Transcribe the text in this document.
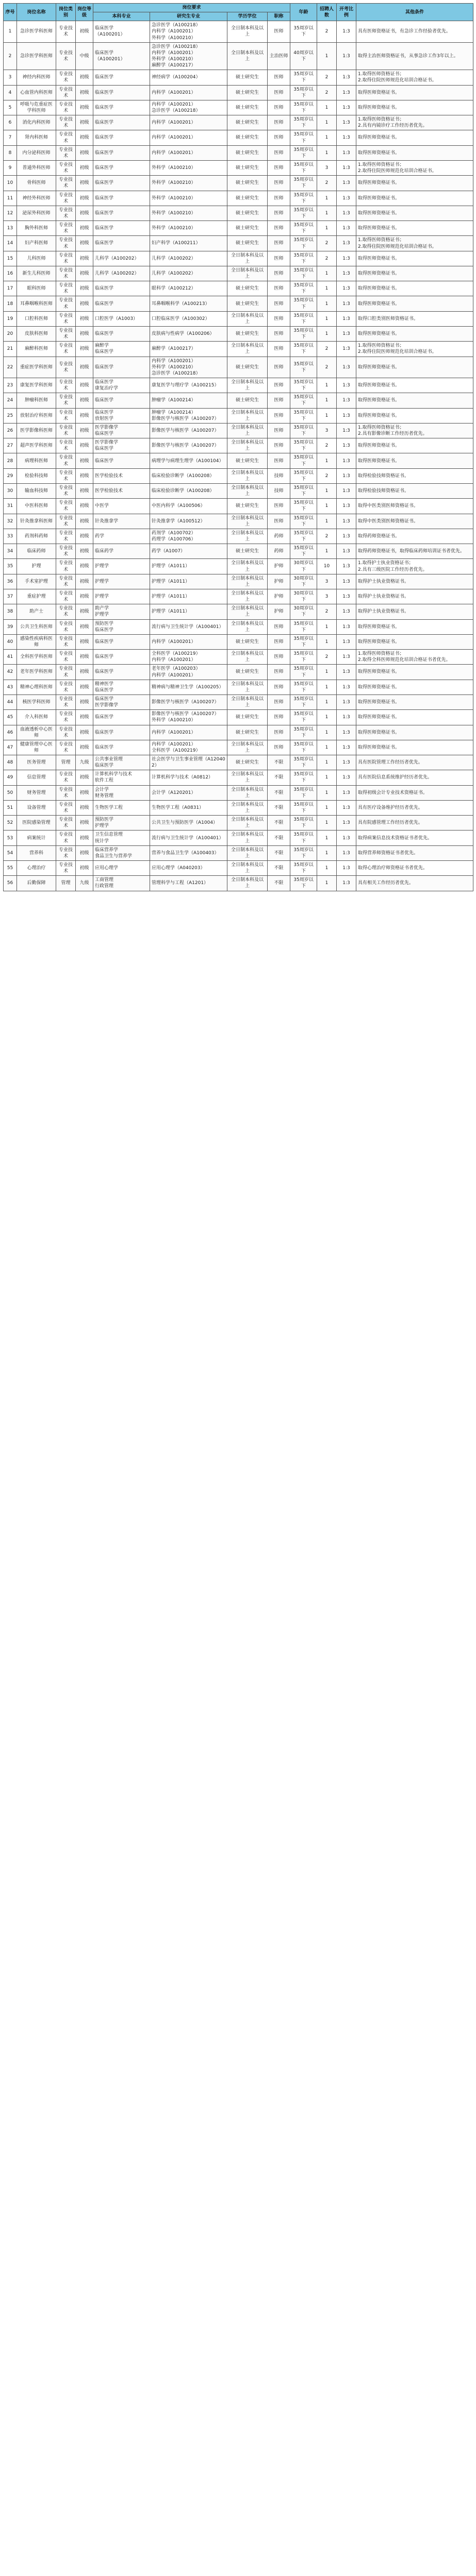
序号	岗位名称	岗位类别	岗位等级	岗位要求				年龄	招聘人数	开考比例	其他条件
				本科专业	研究生专业	学历学位	职称				
1	急诊医学科医师	专业技术	初级	临床医学
（A100201）	急诊医学（A100218）
内科学（A100201）
外科学（A100210）	全日制本科及以上	医师	35周岁以下	2	1:3	具有医师资格证书，有急诊工作经验者优先。
2	急诊医学科医师	专业技术	中级	临床医学
（A100201）	急诊医学（A100218）
内科学（A100201）
外科学（A100210）
麻醉学（A100217）	全日制本科及以上	主治医师	40周岁以下	1	1:3	取得主治医师资格证书，从事急诊工作3年以上。
3	神经内科医师	专业技术	初级	临床医学	神经病学（A100204）	硕士研究生	医师	35周岁以下	2	1:3	1.取得医师资格证书；
2.取得住院医师规范化培训合格证书。
4	心血管内科医师	专业技术	初级	临床医学	内科学（A100201）	硕士研究生	医师	35周岁以下	2	1:3	取得医师资格证书。
5	呼吸与危重症医学科医师	专业技术	初级	临床医学	内科学（A100201）
急诊医学（A100218）	硕士研究生	医师	35周岁以下	1	1:3	取得医师资格证书。
6	消化内科医师	专业技术	初级	临床医学	内科学（A100201）	硕士研究生	医师	35周岁以下	1	1:3	1.取得医师资格证书；
2.具有内镜诊疗工作经历者优先。
7	肾内科医师	专业技术	初级	临床医学	内科学（A100201）	硕士研究生	医师	35周岁以下	1	1:3	取得医师资格证书。
8	内分泌科医师	专业技术	初级	临床医学	内科学（A100201）	硕士研究生	医师	35周岁以下	1	1:3	取得医师资格证书。
9	普通外科医师	专业技术	初级	临床医学	外科学（A100210）	硕士研究生	医师	35周岁以下	3	1:3	1.取得医师资格证书；
2.取得住院医师规范化培训合格证书。
10	骨科医师	专业技术	初级	临床医学	外科学（A100210）	硕士研究生	医师	35周岁以下	2	1:3	取得医师资格证书。
11	神经外科医师	专业技术	初级	临床医学	外科学（A100210）	硕士研究生	医师	35周岁以下	1	1:3	取得医师资格证书。
12	泌尿外科医师	专业技术	初级	临床医学	外科学（A100210）	硕士研究生	医师	35周岁以下	1	1:3	取得医师资格证书。
13	胸外科医师	专业技术	初级	临床医学	外科学（A100210）	硕士研究生	医师	35周岁以下	1	1:3	取得医师资格证书。
14	妇产科医师	专业技术	初级	临床医学	妇产科学（A100211）	硕士研究生	医师	35周岁以下	2	1:3	1.取得医师资格证书；
2.取得住院医师规范化培训合格证书。
15	儿科医师	专业技术	初级	儿科学（A100202）	儿科学（A100202）	全日制本科及以上	医师	35周岁以下	2	1:3	取得医师资格证书。
16	新生儿科医师	专业技术	初级	儿科学（A100202）	儿科学（A100202）	全日制本科及以上	医师	35周岁以下	1	1:3	取得医师资格证书。
17	眼科医师	专业技术	初级	临床医学	眼科学（A100212）	硕士研究生	医师	35周岁以下	1	1:3	取得医师资格证书。
18	耳鼻咽喉科医师	专业技术	初级	临床医学	耳鼻咽喉科学（A100213）	硕士研究生	医师	35周岁以下	1	1:3	取得医师资格证书。
19	口腔科医师	专业技术	初级	口腔医学（A1003）	口腔临床医学（A100302）	全日制本科及以上	医师	35周岁以下	1	1:3	取得口腔类别医师资格证书。
20	皮肤科医师	专业技术	初级	临床医学	皮肤病与性病学（A100206）	硕士研究生	医师	35周岁以下	1	1:3	取得医师资格证书。
21	麻醉科医师	专业技术	初级	麻醉学
临床医学	麻醉学（A100217）	全日制本科及以上	医师	35周岁以下	2	1:3	1.取得医师资格证书；
2.取得住院医师规范化培训合格证书。
22	重症医学科医师	专业技术	初级	临床医学	内科学（A100201）
外科学（A100210）
急诊医学（A100218）	硕士研究生	医师	35周岁以下	2	1:3	取得医师资格证书。
23	康复医学科医师	专业技术	初级	临床医学
康复治疗学	康复医学与理疗学（A100215）	全日制本科及以上	医师	35周岁以下	1	1:3	取得医师资格证书。
24	肿瘤科医师	专业技术	初级	临床医学	肿瘤学（A100214）	硕士研究生	医师	35周岁以下	1	1:3	取得医师资格证书。
25	放射治疗科医师	专业技术	初级	临床医学
放射医学	肿瘤学（A100214）
影像医学与核医学（A100207）	全日制本科及以上	医师	35周岁以下	1	1:3	取得医师资格证书。
26	医学影像科医师	专业技术	初级	医学影像学
临床医学	影像医学与核医学（A100207）	全日制本科及以上	医师	35周岁以下	3	1:3	1.取得医师资格证书；
2.具有影像诊断工作经历者优先。
27	超声医学科医师	专业技术	初级	医学影像学
临床医学	影像医学与核医学（A100207）	全日制本科及以上	医师	35周岁以下	2	1:3	取得医师资格证书。
28	病理科医师	专业技术	初级	临床医学	病理学与病理生理学（A100104）	硕士研究生	医师	35周岁以下	1	1:3	取得医师资格证书。
29	检验科技师	专业技术	初级	医学检验技术	临床检验诊断学（A100208）	全日制本科及以上	技师	35周岁以下	2	1:3	取得检验技师资格证书。
30	输血科技师	专业技术	初级	医学检验技术	临床检验诊断学（A100208）	全日制本科及以上	技师	35周岁以下	1	1:3	取得检验技师资格证书。
31	中医科医师	专业技术	初级	中医学	中医内科学（A100506）	硕士研究生	医师	35周岁以下	1	1:3	取得中医类别医师资格证书。
32	针灸推拿科医师	专业技术	初级	针灸推拿学	针灸推拿学（A100512）	全日制本科及以上	医师	35周岁以下	1	1:3	取得中医类别医师资格证书。
33	药剂科药师	专业技术	初级	药学	药剂学（A100702）
药理学（A100706）	全日制本科及以上	药师	35周岁以下	2	1:3	取得药师资格证书。
34	临床药师	专业技术	初级	临床药学	药学（A1007）	硕士研究生	药师	35周岁以下	1	1:3	取得药师资格证书，取得临床药师培训证书者优先。
35	护理	专业技术	初级	护理学	护理学（A1011）	全日制本科及以上	护师	30周岁以下	10	1:3	1.取得护士执业资格证书；
2.具有三级医院工作经历者优先。
36	手术室护理	专业技术	初级	护理学	护理学（A1011）	全日制本科及以上	护师	30周岁以下	3	1:3	取得护士执业资格证书。
37	重症护理	专业技术	初级	护理学	护理学（A1011）	全日制本科及以上	护师	30周岁以下	3	1:3	取得护士执业资格证书。
38	助产士	专业技术	初级	助产学
护理学	护理学（A1011）	全日制本科及以上	护师	30周岁以下	2	1:3	取得护士执业资格证书。
39	公共卫生科医师	专业技术	初级	预防医学
临床医学	流行病与卫生统计学（A100401）	全日制本科及以上	医师	35周岁以下	1	1:3	取得医师资格证书。
40	感染性疾病科医师	专业技术	初级	临床医学	内科学（A100201）	硕士研究生	医师	35周岁以下	1	1:3	取得医师资格证书。
41	全科医学科医师	专业技术	初级	临床医学	全科医学（A100219）
内科学（A100201）	全日制本科及以上	医师	35周岁以下	2	1:3	1.取得医师资格证书；
2.取得全科医师规范化培训合格证书者优先。
42	老年医学科医师	专业技术	初级	临床医学	老年医学（A100203）
内科学（A100201）	硕士研究生	医师	35周岁以下	1	1:3	取得医师资格证书。
43	精神心理科医师	专业技术	初级	精神医学
临床医学	精神病与精神卫生学（A100205）	全日制本科及以上	医师	35周岁以下	1	1:3	取得医师资格证书。
44	核医学科医师	专业技术	初级	临床医学
医学影像学	影像医学与核医学（A100207）	全日制本科及以上	医师	35周岁以下	1	1:3	取得医师资格证书。
45	介入科医师	专业技术	初级	临床医学	影像医学与核医学（A100207）
外科学（A100210）	硕士研究生	医师	35周岁以下	1	1:3	取得医师资格证书。
46	血液透析中心医师	专业技术	初级	临床医学	内科学（A100201）	硕士研究生	医师	35周岁以下	1	1:3	取得医师资格证书。
47	健康管理中心医师	专业技术	初级	临床医学	内科学（A100201）
全科医学（A100219）	全日制本科及以上	医师	35周岁以下	1	1:3	取得医师资格证书。
48	医务管理	管理	九级	公共事业管理
临床医学	社会医学与卫生事业管理（A120402）	硕士研究生	不限	35周岁以下	1	1:3	具有医院管理工作经历者优先。
49	信息管理	专业技术	初级	计算机科学与技术
软件工程	计算机科学与技术（A0812）	全日制本科及以上	不限	35周岁以下	1	1:3	具有医院信息系统维护经历者优先。
50	财务管理	专业技术	初级	会计学
财务管理	会计学（A120201）	全日制本科及以上	不限	35周岁以下	1	1:3	取得初级会计专业技术资格证书。
51	设备管理	专业技术	初级	生物医学工程	生物医学工程（A0831）	全日制本科及以上	不限	35周岁以下	1	1:3	具有医疗设备维护经历者优先。
52	医院感染管理	专业技术	初级	预防医学
护理学	公共卫生与预防医学（A1004）	全日制本科及以上	不限	35周岁以下	1	1:3	具有院感管理工作经历者优先。
53	病案统计	专业技术	初级	卫生信息管理
统计学	流行病与卫生统计学（A100401）	全日制本科及以上	不限	35周岁以下	1	1:3	取得病案信息技术资格证书者优先。
54	营养科	专业技术	初级	临床营养学
食品卫生与营养学	营养与食品卫生学（A100403）	全日制本科及以上	不限	35周岁以下	1	1:3	取得营养师资格证书者优先。
55	心理治疗	专业技术	初级	应用心理学	应用心理学（A040203）	全日制本科及以上	不限	35周岁以下	1	1:3	取得心理治疗师资格证书者优先。
56	后勤保障	管理	九级	工商管理
行政管理	管理科学与工程（A1201）	全日制本科及以上	不限	35周岁以下	1	1:3	具有相关工作经历者优先。
